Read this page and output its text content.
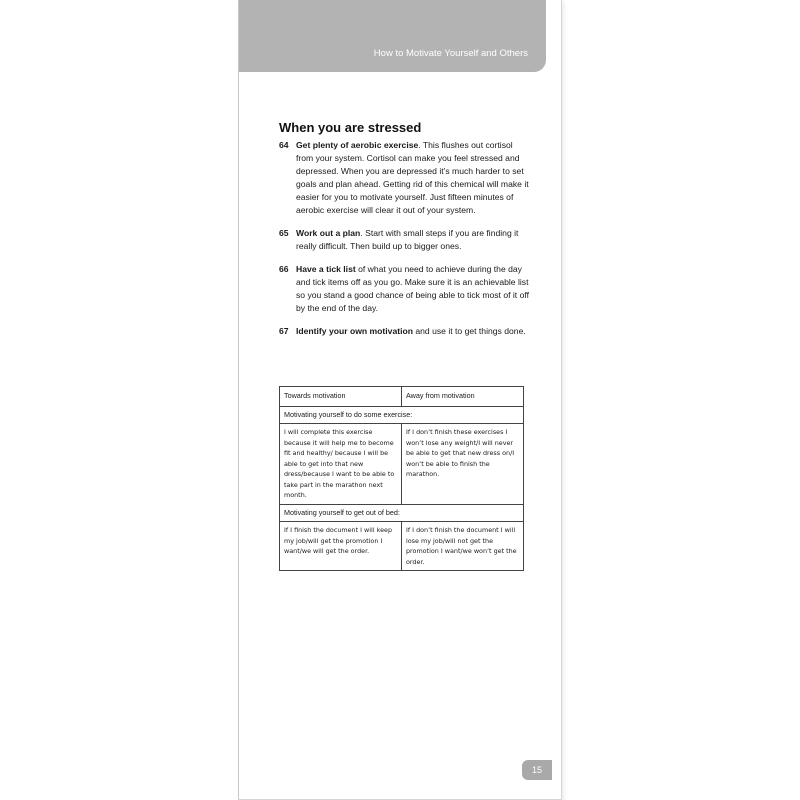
How to Motivate Yourself and Others
When you are stressed
64 Get plenty of aerobic exercise. This flushes out cortisol from your system. Cortisol can make you feel stressed and depressed. When you are depressed it’s much harder to set goals and plan ahead. Getting rid of this chemical will make it easier for you to motivate yourself. Just fifteen minutes of aerobic exercise will clear it out of your system.
65 Work out a plan. Start with small steps if you are finding it really difficult. Then build up to bigger ones.
66 Have a tick list of what you need to achieve during the day and tick items off as you go. Make sure it is an achievable list so you stand a good chance of being able to tick most of it off by the end of the day.
67 Identify your own motivation and use it to get things done.
Towards motivation	Away from motivation
Motivating yourself to do some exercise:	
I will complete this exercise because it will help me to become fit and healthy/ because I will be able to get into that new dress/because I want to be able to take part in the marathon next month.	If I don’t finish these exercises I won’t lose any weight/I will never be able to get that new dress on/I won’t be able to finish the marathon.
Motivating yourself to get out of bed:	
If I finish the document I will keep my job/will get the promotion I want/we will get the order.	If I don’t finish the document I will lose my job/will not get the promotion I want/we won’t get the order.
15
